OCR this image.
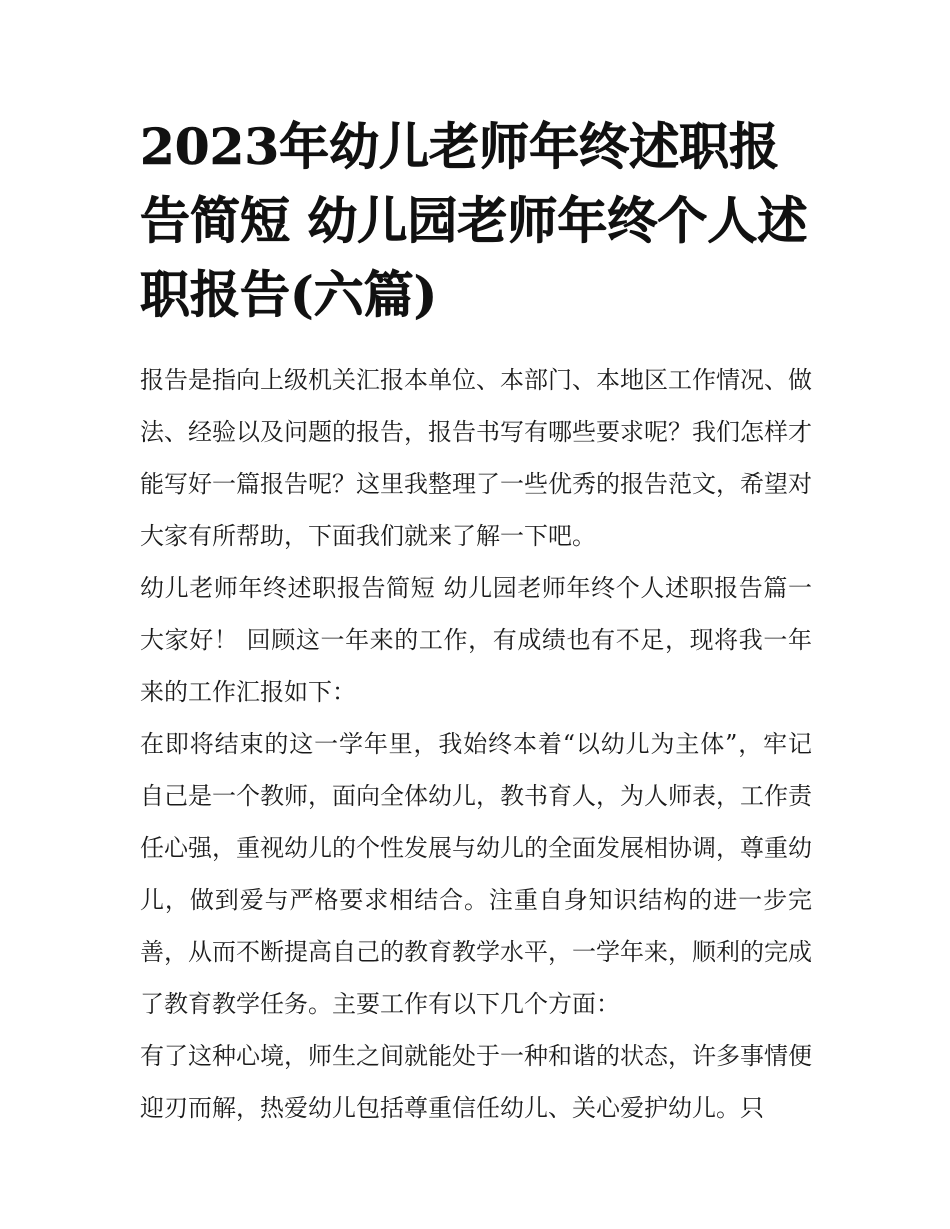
2023年幼儿老师年终述职报告简短 幼儿园老师年终个人述职报告(六篇)

报告是指向上级机关汇报本单位、本部门、本地区工作情况、做法、经验以及问题的报告，报告书写有哪些要求呢？我们怎样才能写好一篇报告呢？这里我整理了一些优秀的报告范文，希望对大家有所帮助，下面我们就来了解一下吧。

幼儿老师年终述职报告简短 幼儿园老师年终个人述职报告篇一 大家好！ 回顾这一年来的工作，有成绩也有不足，现将我一年来的工作汇报如下：

在即将结束的这一学年里，我始终本着“以幼儿为主体”，牢记自己是一个教师，面向全体幼儿，教书育人，为人师表，工作责任心强，重视幼儿的个性发展与幼儿的全面发展相协调，尊重幼儿，做到爱与严格要求相结合。注重自身知识结构的进一步完善，从而不断提高自己的教育教学水平，一学年来，顺利的完成了教育教学任务。主要工作有以下几个方面：

有了这种心境，师生之间就能处于一种和谐的状态，许多事情便迎刃而解，热爱幼儿包括尊重信任幼儿、关心爱护幼儿。只
